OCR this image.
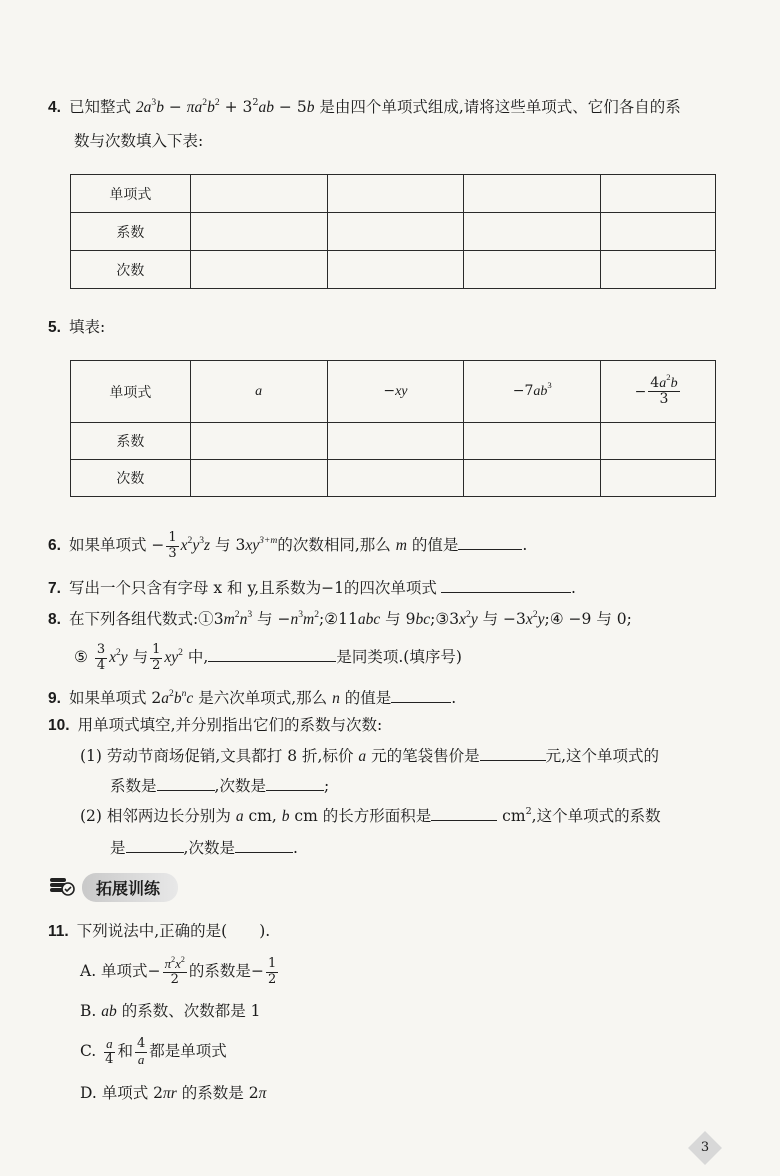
4. 已知整式 $2a^3b - \pi a^2b^2 + 3^2ab - 5b$ 是由四个单项式组成,请将这些单项式、它们各自的系
数与次数填入下表:
单项式				
系数				
次数				
5. 填表:
单项式	a	−xy	$-7ab^3$	− $\frac{4a^2b}{3}$

系数				
次数				
6. 如果单项式 − $\frac{1}{3} x^2y^3z$ 与 $3xy^{3+m}$的次数相同,那么 m 的值是	.
7. 写出一个只含有字母 x 和 y,且系数为−1的四次单项式	.
8. 在下列各组代数式$:①3m^2n^3$ 与 $-n^3m^2;②11abc$ 与 $9bc;③3x^2y$ 与 $-3x^2y;④ -9$ 与 0;
⑤ $\frac{3}{4} x^2y$ 与 $\frac{1}{2} xy^2$ 中,	是同类项.(填序号)
9. 如果单项式 $2a^2b^nc$ 是六次单项式,那么 n 的值是	.
10. 用单项式填空,并分别指出它们的系数与次数:
(1) 劳动节商场促销,文具都打 8 折,标价 a 元的笔袋售价是	元,这个单项式的
系数是	,次数是	;
(2) 相邻两边长分别为 a cm, b cm 的长方形面积是	$cm^2$,这个单项式的系数
是	,次数是	.
拓展训练
11. 下列说法中,正确的是( ).
A. 单项式− $\frac{\pi^2x^2}{2}$ 的系数是− $\frac{1}{2}$
B. ab 的系数、次数都是 1
C. $\frac{a}{4}$ 和 $\frac{4}{a}$ 都是单项式
D. 单项式 2πr 的系数是 2π
3
